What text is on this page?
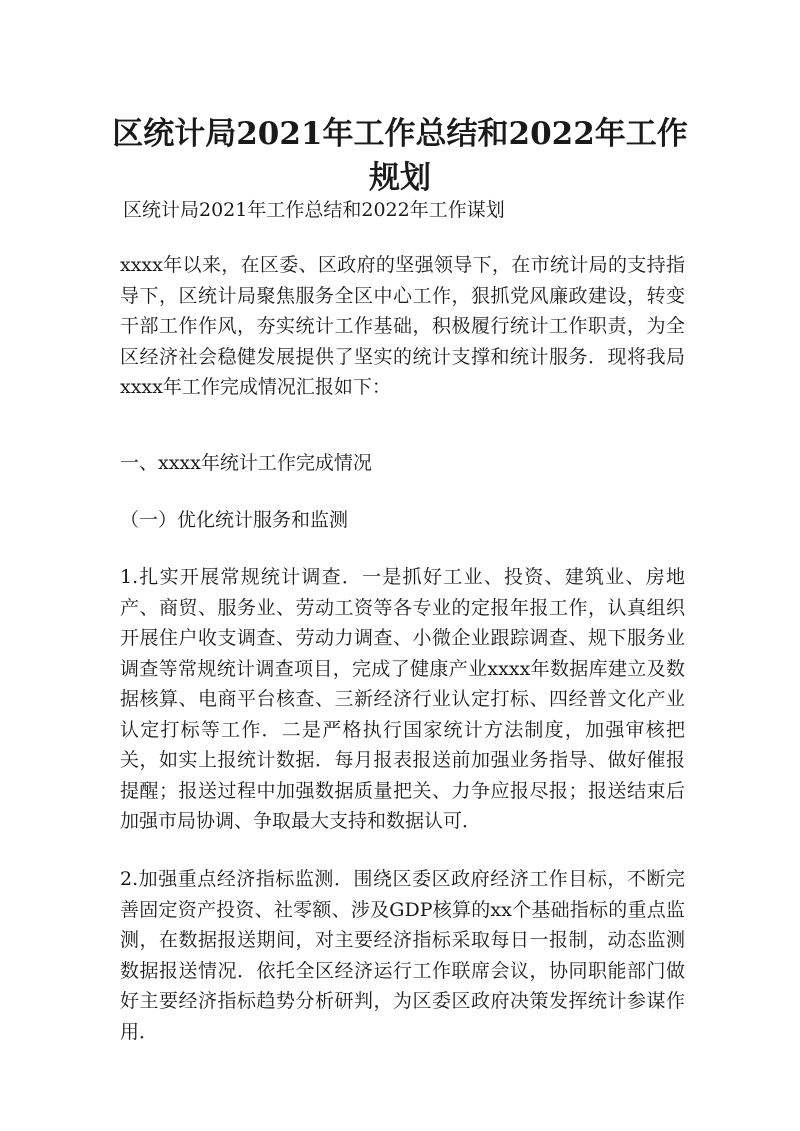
区统计局2021年工作总结和2022年工作规划

区统计局2021年工作总结和2022年工作谋划

xxxx年以来，在区委、区政府的坚强领导下，在市统计局的支持指导下，区统计局聚焦服务全区中心工作，狠抓党风廉政建设，转变干部工作作风，夯实统计工作基础，积极履行统计工作职责，为全区经济社会稳健发展提供了坚实的统计支撑和统计服务．现将我局xxxx年工作完成情况汇报如下：

一、xxxx年统计工作完成情况

（一）优化统计服务和监测

1.扎实开展常规统计调查．一是抓好工业、投资、建筑业、房地产、商贸、服务业、劳动工资等各专业的定报年报工作，认真组织开展住户收支调查、劳动力调查、小微企业跟踪调查、规下服务业调查等常规统计调查项目，完成了健康产业xxxx年数据库建立及数据核算、电商平台核查、三新经济行业认定打标、四经普文化产业认定打标等工作．二是严格执行国家统计方法制度，加强审核把关，如实上报统计数据．每月报表报送前加强业务指导、做好催报提醒；报送过程中加强数据质量把关、力争应报尽报；报送结束后加强市局协调、争取最大支持和数据认可．

2.加强重点经济指标监测．围绕区委区政府经济工作目标，不断完善固定资产投资、社零额、涉及GDP核算的xx个基础指标的重点监测，在数据报送期间，对主要经济指标采取每日一报制，动态监测数据报送情况．依托全区经济运行工作联席会议，协同职能部门做好主要经济指标趋势分析研判，为区委区政府决策发挥统计参谋作用．
